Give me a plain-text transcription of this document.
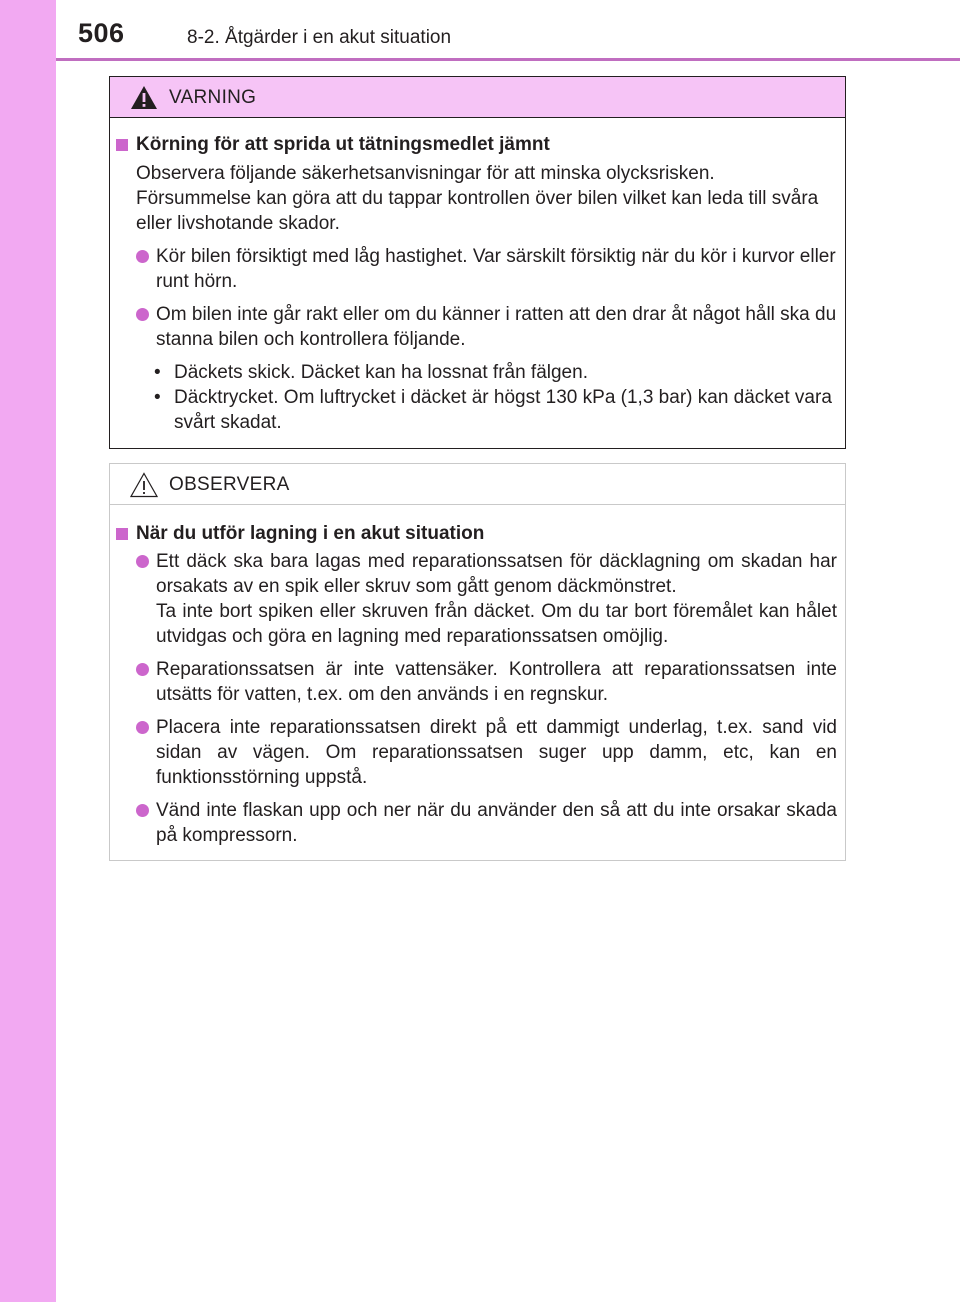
506	8-2. Åtgärder i en akut situation
VARNING
Körning för att sprida ut tätningsmedlet jämnt
Observera följande säkerhetsanvisningar för att minska olycksrisken. Försummelse kan göra att du tappar kontrollen över bilen vilket kan leda till svåra eller livshotande skador.
Kör bilen försiktigt med låg hastighet. Var särskilt försiktig när du kör i kurvor eller runt hörn.
Om bilen inte går rakt eller om du känner i ratten att den drar åt något håll ska du stanna bilen och kontrollera följande.
• Däckets skick. Däcket kan ha lossnat från fälgen.
• Däcktrycket. Om luftrycket i däcket är högst 130 kPa (1,3 bar) kan däcket vara svårt skadat.
OBSERVERA
När du utför lagning i en akut situation
Ett däck ska bara lagas med reparationssatsen för däcklagning om skadan har orsakats av en spik eller skruv som gått genom däckmönstret.
Ta inte bort spiken eller skruven från däcket. Om du tar bort föremålet kan hålet utvidgas och göra en lagning med reparationssatsen omöjlig.
Reparationssatsen är inte vattensäker. Kontrollera att reparationssatsen inte utsätts för vatten, t.ex. om den används i en regnskur.
Placera inte reparationssatsen direkt på ett dammigt underlag, t.ex. sand vid sidan av vägen. Om reparationssatsen suger upp damm, etc, kan en funktionsstörning uppstå.
Vänd inte flaskan upp och ner när du använder den så att du inte orsakar skada på kompressorn.
